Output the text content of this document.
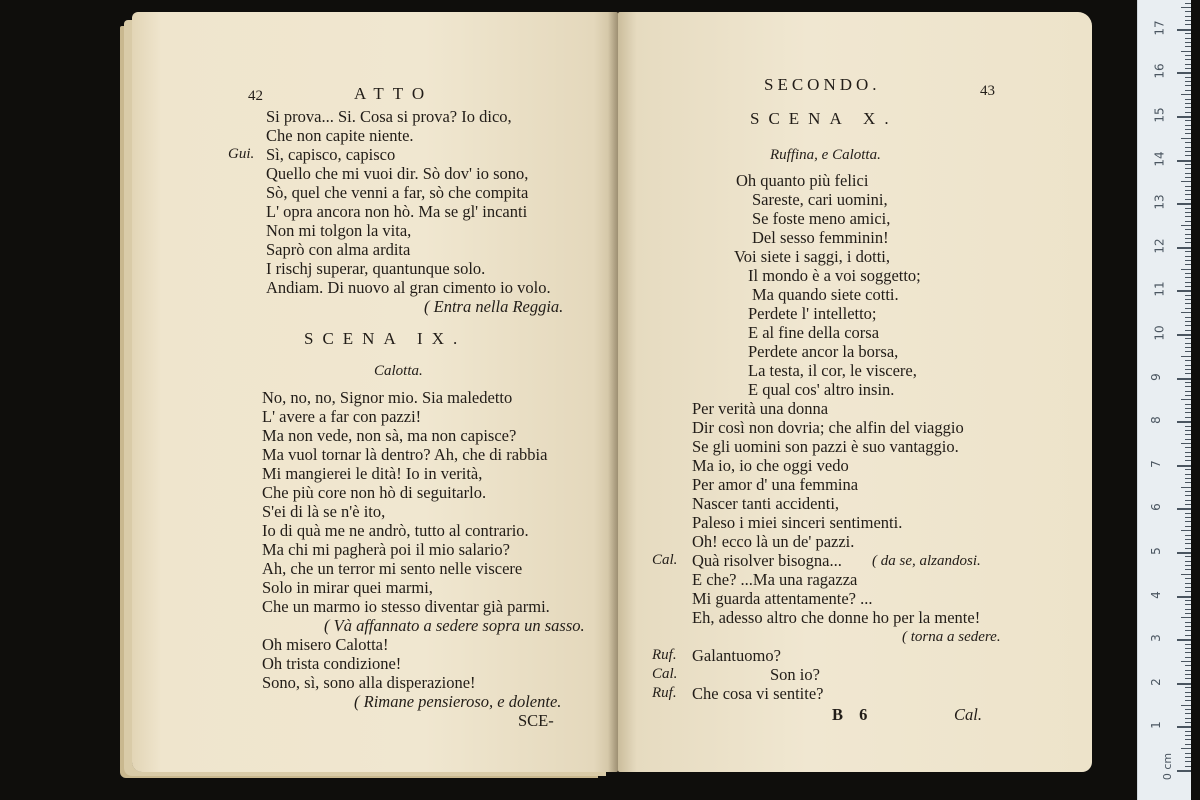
42	ATTO
Si prova... Si. Cosa si prova? Io dico,
Che non capite niente.
Gui. Sì, capisco, capisco
Quello che mi vuoi dir. Sò dov' io sono,
Sò, quel che venni a far, sò che compita
L' opra ancora non hò. Ma se gl' incanti
Non mi tolgon la vita,
Saprò con alma ardita
I rischj superar, quantunque solo.
Andiam. Di nuovo al gran cimento io volo.
( Entra nella Reggia.
SCENA IX.
Calotta.
No, no, no, Signor mio. Sia maledetto
L' avere a far con pazzi!
Ma non vede, non sà, ma non capisce?
Ma vuol tornar là dentro? Ah, che di rabbia
Mi mangierei le dità! Io in verità,
Che più core non hò di seguitarlo.
S'ei di là se n'è ito,
Io di quà me ne andrò, tutto al contrario.
Ma chi mi pagherà poi il mio salario?
Ah, che un terror mi sento nelle viscere
Solo in mirar quei marmi,
Che un marmo io stesso diventar già parmi.
( Và affannato a sedere sopra un sasso.
Oh misero Calotta!
Oh trista condizione!
Sono, sì, sono alla disperazione!
( Rimane pensieroso, e dolente.
SCE-
SECONDO.	43
SCENA X.
Ruffina, e Calotta.
Oh quanto più felici
Sareste, cari uomini,
Se foste meno amici,
Del sesso femminin!
Voi siete i saggi, i dotti,
Il mondo è a voi soggetto;
Ma quando siete cotti.
Perdete l' intelletto;
E al fine della corsa
Perdete ancor la borsa,
La testa, il cor, le viscere,
E qual cos' altro insin.
Per verità una donna
Dir così non dovria; che alfin del viaggio
Se gli uomini son pazzi è suo vantaggio.
Ma io, io che oggi vedo
Per amor d' una femmina
Nascer tanti accidenti,
Paleso i miei sinceri sentimenti.
Oh! ecco là un de' pazzi.
Cal. Quà risolver bisogna... ( da se, alzandosi.
E che? ...Ma una ragazza
Mi guarda attentamente? ...
Eh, adesso altro che donne ho per la mente!
( torna a sedere.
Ruf. Galantuomo?
Cal.	Son io?
Ruf. Che cosa vi sentite?
B 6	Cal.
1
2
3
4
5
6
7
8
9
10
11
12
13
14
15
16
17
0 cm
